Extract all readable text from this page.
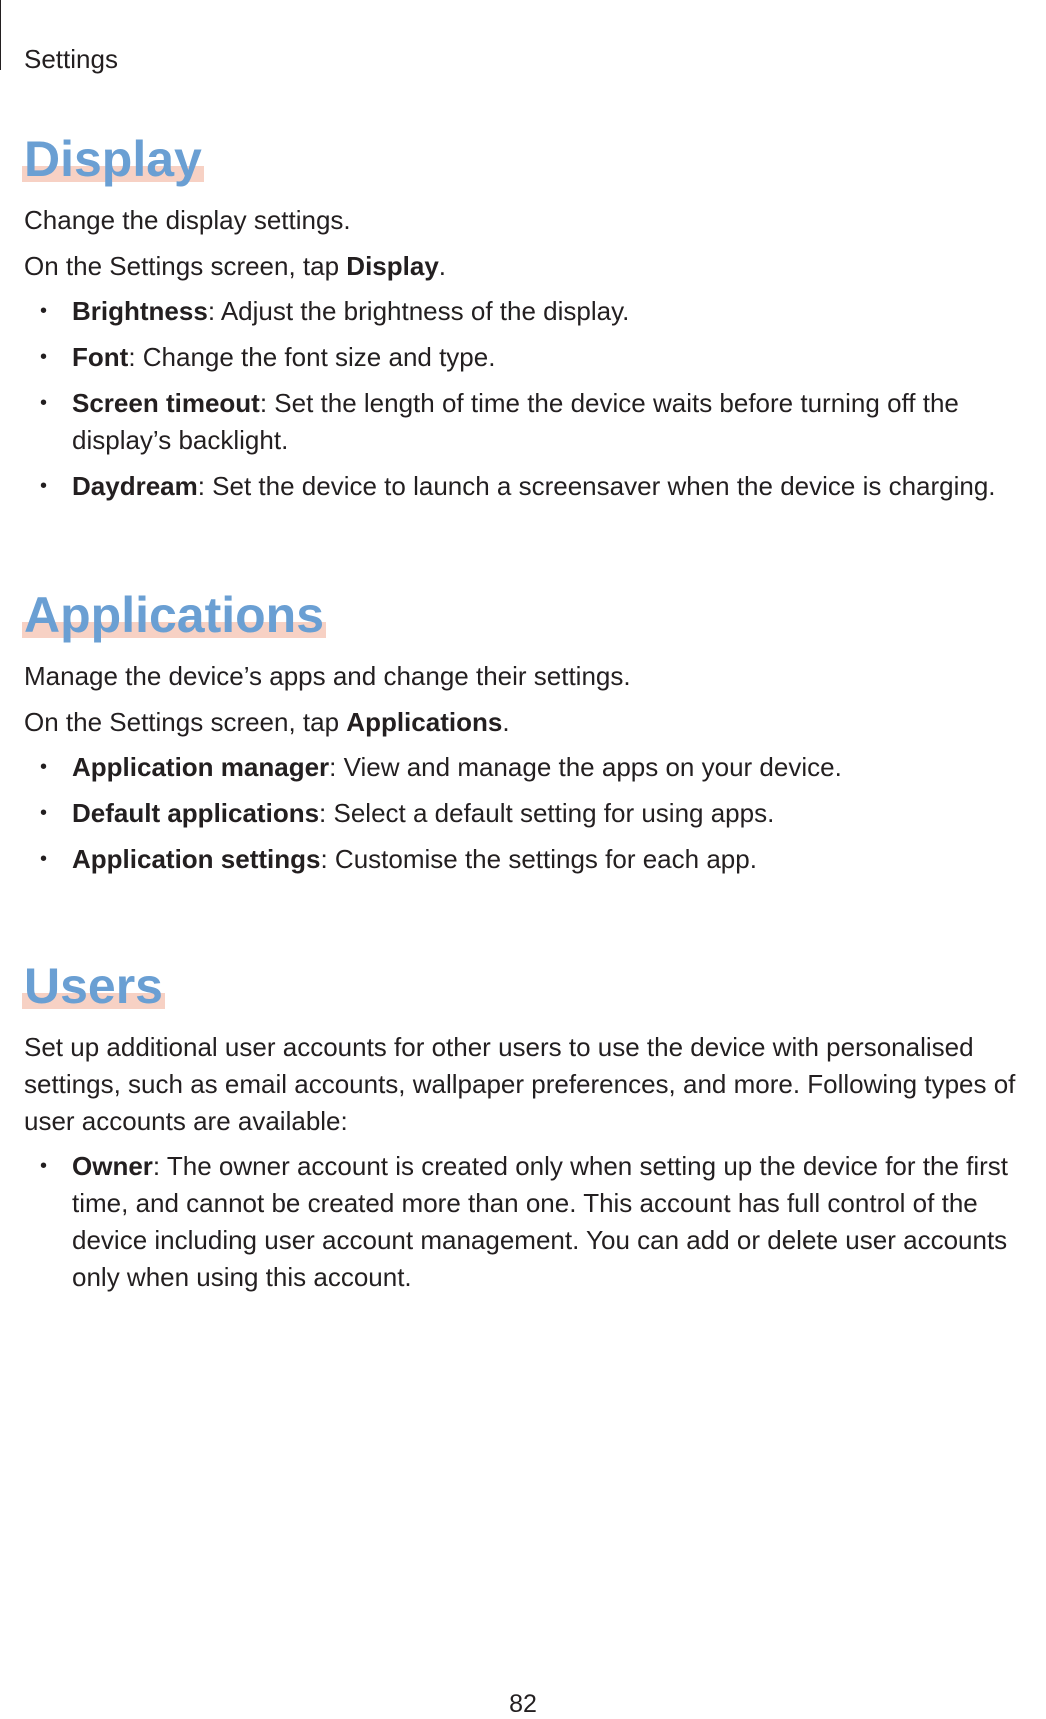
Settings
Display

Change the display settings.

On the Settings screen, tap Display.

• Brightness: Adjust the brightness of the display.
• Font: Change the font size and type.
• Screen timeout: Set the length of time the device waits before turning off the display’s backlight.
• Daydream: Set the device to launch a screensaver when the device is charging.
Applications

Manage the device’s apps and change their settings.

On the Settings screen, tap Applications.

• Application manager: View and manage the apps on your device.
• Default applications: Select a default setting for using apps.
• Application settings: Customise the settings for each app.
Users

Set up additional user accounts for other users to use the device with personalised settings, such as email accounts, wallpaper preferences, and more. Following types of user accounts are available:

• Owner: The owner account is created only when setting up the device for the first time, and cannot be created more than one. This account has full control of the device including user account management. You can add or delete user accounts only when using this account.
82
